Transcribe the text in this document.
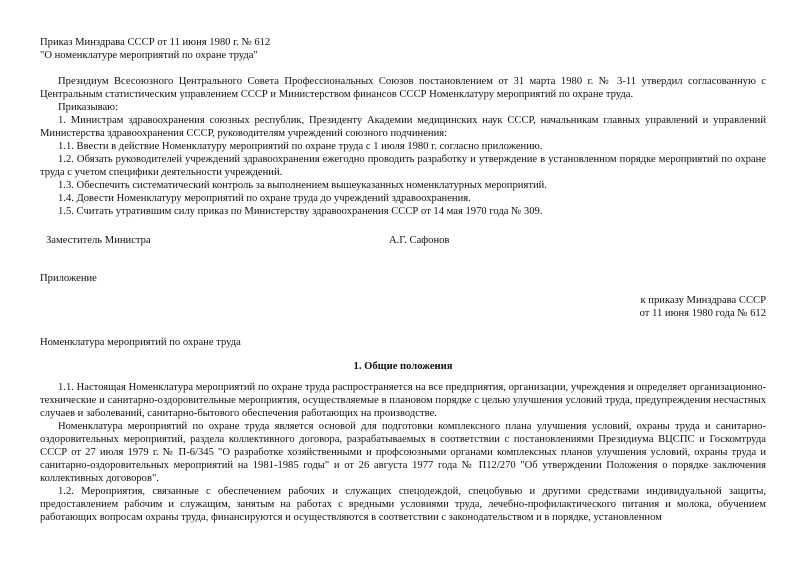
Приказ Минздрава СССР от 11 июня 1980 г. № 612

"О номенклатуре мероприятий по охране труда"

Президиум Всесоюзного Центрального Совета Профессиональных Союзов постановлением от 31 марта 1980 г. № 3-11 утвердил согласованную с Центральным статистическим управлением СССР и Министерством финансов СССР Номенклатуру мероприятий по охране труда.

Приказываю:

1. Министрам здравоохранения союзных республик, Президенту Академии медицинских наук СССР, начальникам главных управлений и управлений Министерства здравоохранения СССР, руководителям учреждений союзного подчинения:

1.1. Ввести в действие Номенклатуру мероприятий по охране труда с 1 июля 1980 г. согласно приложению.

1.2. Обязать руководителей учреждений здравоохранения ежегодно проводить разработку и утверждение в установленном порядке мероприятий по охране труда с учетом специфики деятельности учреждений.

1.3. Обеспечить систематический контроль за выполнением вышеуказанных номенклатурных мероприятий.

1.4. Довести Номенклатуру мероприятий по охране труда до учреждений здравоохранения.

1.5. Считать утратившим силу приказ по Министерству здравоохранения СССР от 14 мая 1970 года № 309.

Заместитель Министра	А.Г. Сафонов
Приложение

к приказу Минздрава СССР

от 11 июня 1980 года № 612

Номенклатура мероприятий по охране труда
1. Общие положения

1.1. Настоящая Номенклатура мероприятий по охране труда распространяется на все предприятия, организации, учреждения и определяет организационно-технические и санитарно-оздоровительные мероприятия, осуществляемые в плановом порядке с целью улучшения условий труда, предупреждения несчастных случаев и заболеваний, санитарно-бытового обеспечения работающих на производстве.

Номенклатура мероприятий по охране труда является основой для подготовки комплексного плана улучшения условий, охраны труда и санитарно-оздоровительных мероприятий, раздела коллективного договора, разрабатываемых в соответствии с постановлениями Президиума ВЦСПС и Госкомтруда СССР от 27 июля 1979 г. № П-6/345 "О разработке хозяйственными и профсоюзными органами комплексных планов улучшения условий, охраны труда и санитарно-оздоровительных мероприятий на 1981-1985 годы" и от 26 августа 1977 года № П12/270 "Об утверждении Положения о порядке заключения коллективных договоров".

1.2. Мероприятия, связанные с обеспечением рабочих и служащих спецодеждой, спецобувью и другими средствами индивидуальной защиты, предоставлением рабочим и служащим, занятым на работах с вредными условиями труда, лечебно-профилактического питания и молока, обучением работающих вопросам охраны труда, финансируются и осуществляются в соответствии с законодательством и в порядке, установленном
